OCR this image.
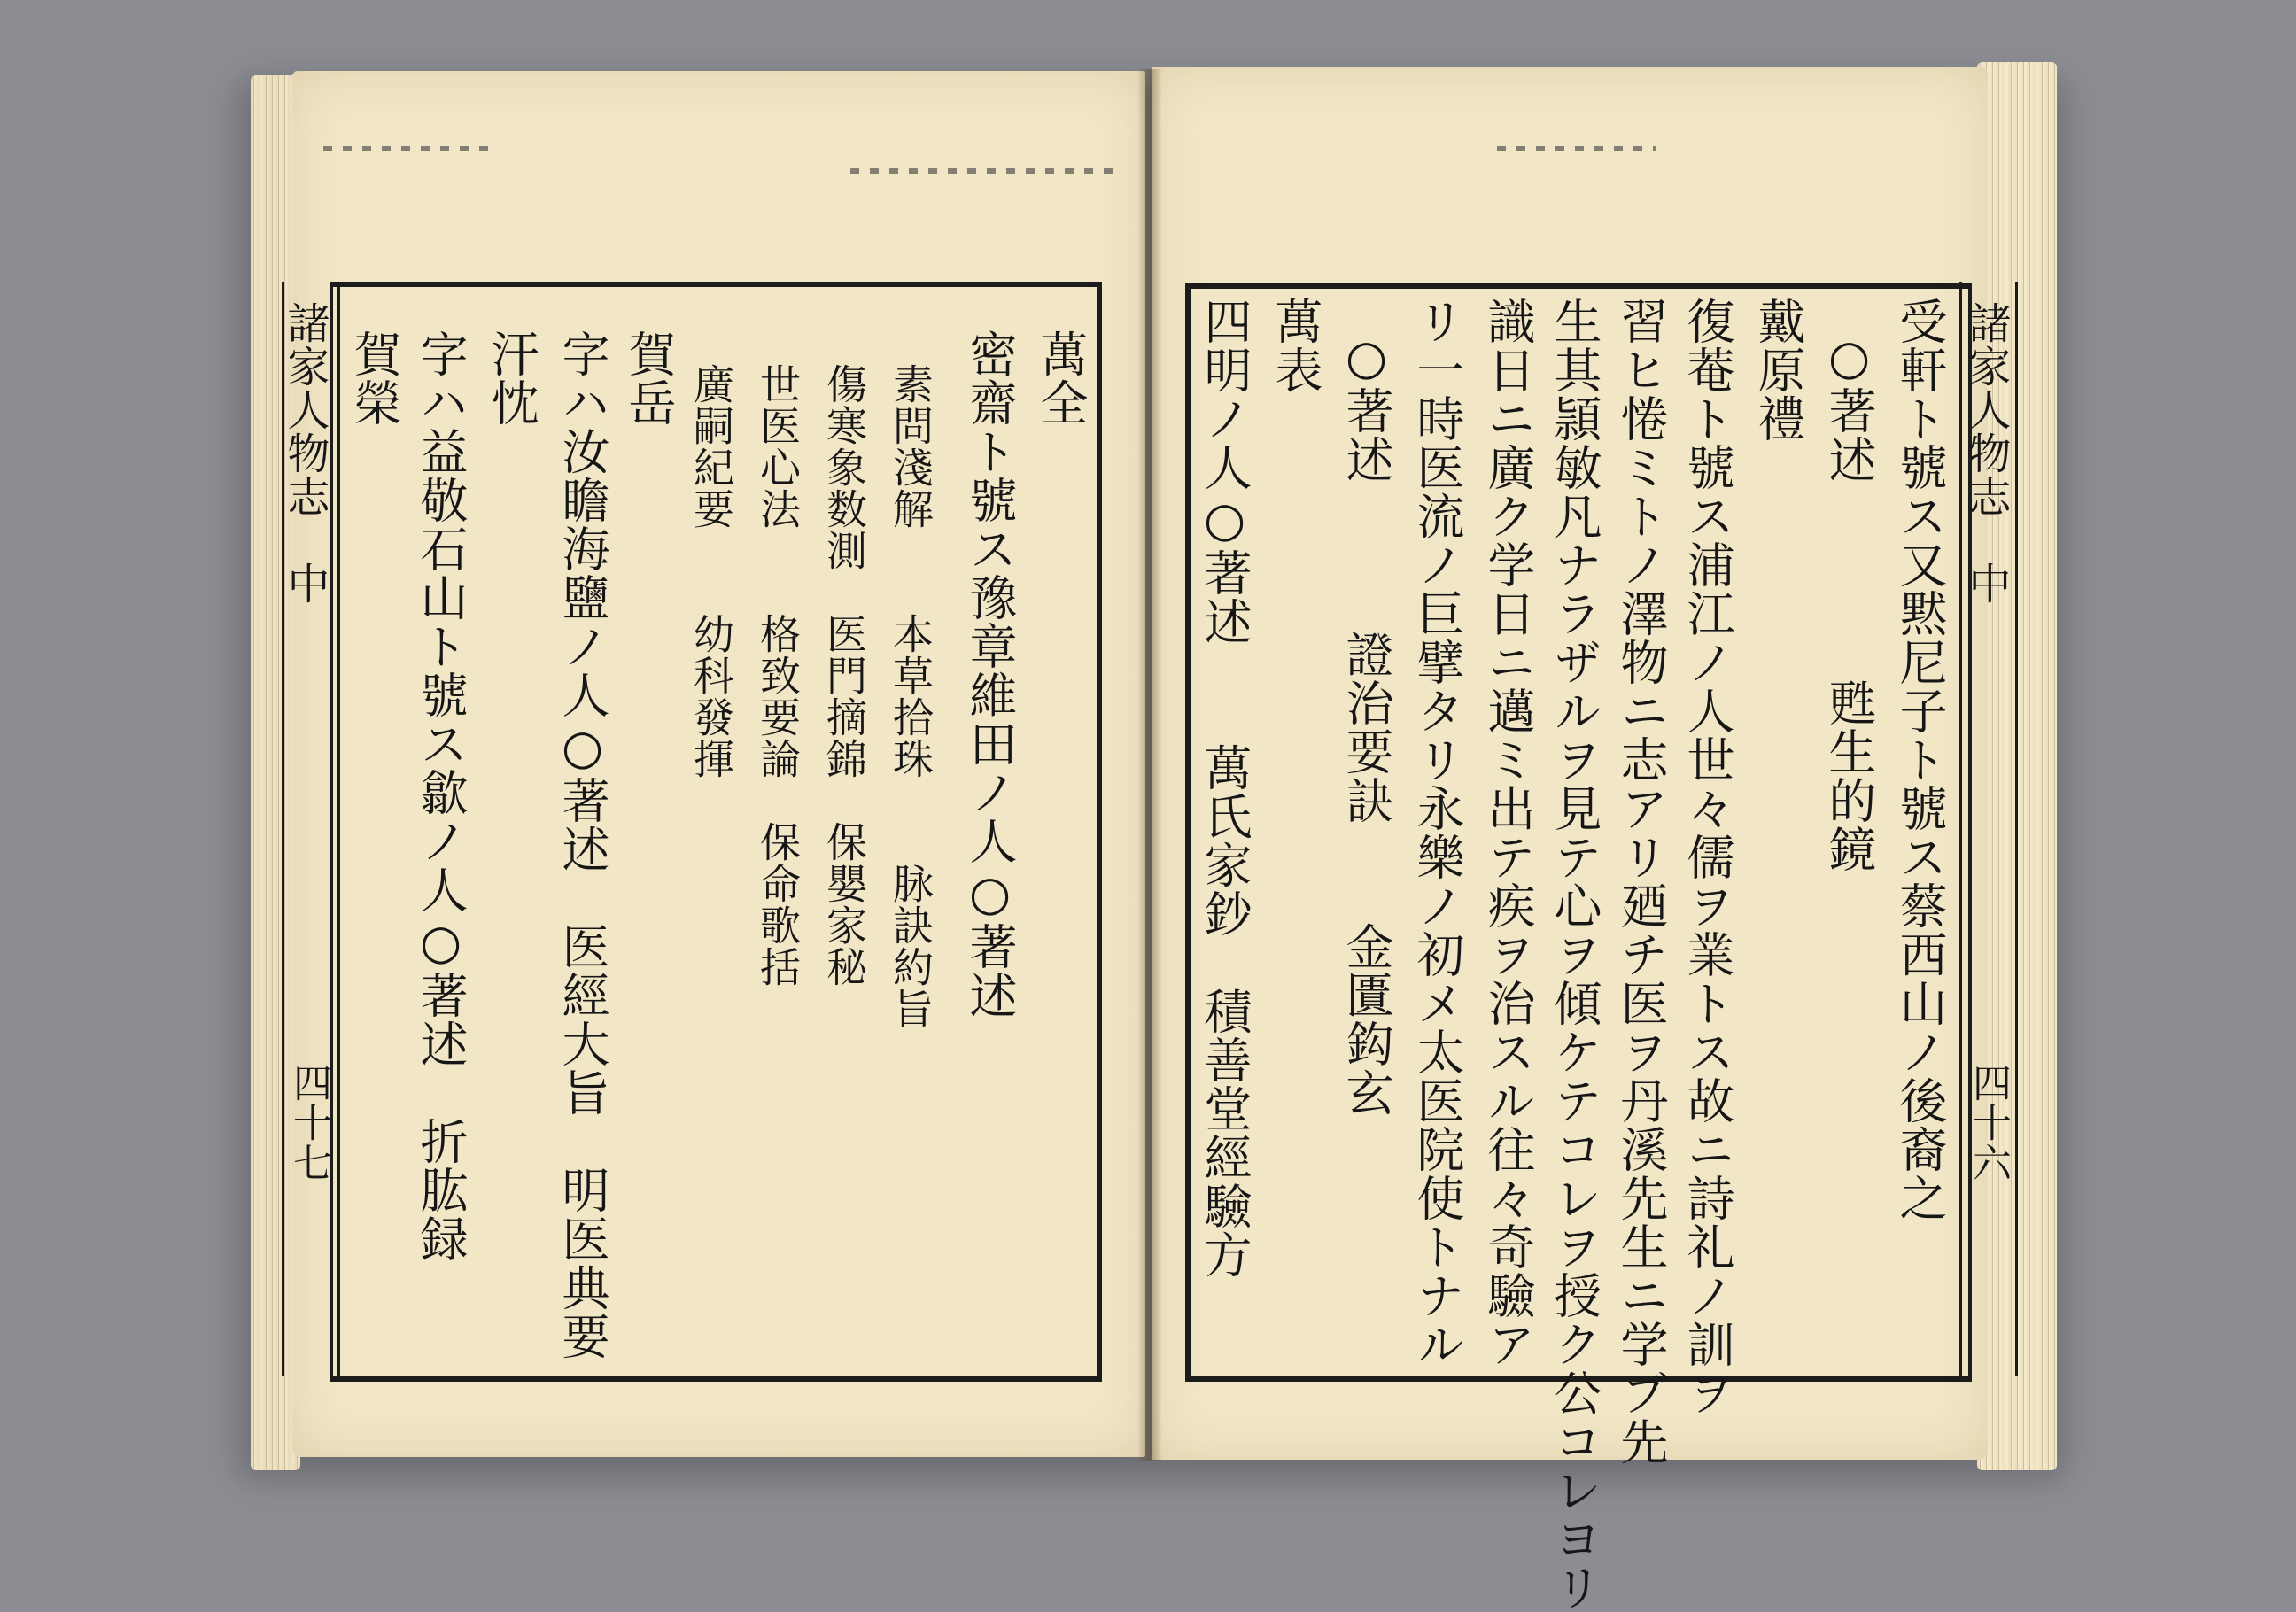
諸家人物志　中
四十七
萬全
密齋ト號ス豫章維田ノ人○著述
素問淺解　　本草拾珠　　脉訣約旨
傷寒象数測　医門摘錦　保嬰家秘
世医心法　　格致要論　保命歌括
廣嗣紀要　　幼科發揮
賀岳
字ハ汝瞻海鹽ノ人○著述　医經大旨　明医典要
汗忱
字ハ益敬石山ト號ス歙ノ人○著述　折肱録
賀榮	諸家人物志　中
四十六
受軒ト號ス又黙尼子ト號ス蔡西山ノ後裔之
○著述　　　　甦生的鏡
戴原禮
復菴ト號ス浦江ノ人世々儒ヲ業トス故ニ詩礼ノ訓ヲ
習ヒ惓ミトノ澤物ニ志アリ廼チ医ヲ丹溪先生ニ学ブ先
生其頴敏凡ナラザルヲ見テ心ヲ傾ケテコレヲ授ク公コレヨリ
識日ニ廣ク学日ニ邁ミ出テ疾ヲ治スル往々奇驗ア
リ一時医流ノ巨擘タリ永樂ノ初メ太医院使トナル
○著述　　　證治要訣　　金匱鈎玄
萬表
四明ノ人○著述　　萬氏家鈔　積善堂經驗方
